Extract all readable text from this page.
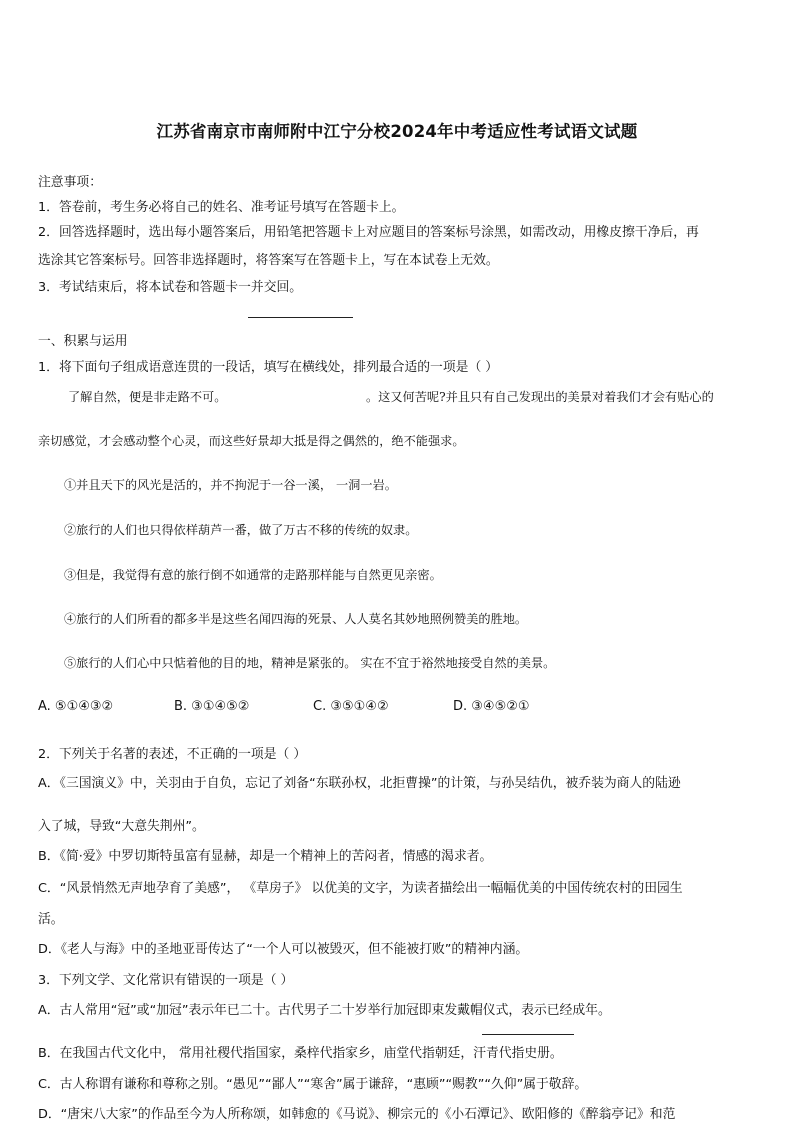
江苏省南京市南师附中江宁分校2024年中考适应性考试语文试题
注意事项：
1．答卷前，考生务必将自己的姓名、准考证号填写在答题卡上。
2．回答选择题时，选出每小题答案后，用铅笔把答题卡上对应题目的答案标号涂黑，如需改动，用橡皮擦干净后，再
选涂其它答案标号。回答非选择题时，将答案写在答题卡上，写在本试卷上无效。
3．考试结束后，将本试卷和答题卡一并交回。
一、积累与运用
1．将下面句子组成语意连贯的一段话，填写在横线处，排列最合适的一项是（ ）
了解自然，便是非走路不可。	。这又何苦呢?并且只有自己发现出的美景对着我们才会有贴心的
亲切感觉，才会感动整个心灵，而这些好景却大抵是得之偶然的，绝不能强求。
①并且天下的风光是活的，并不拘泥于一谷一溪， 一洞一岩。
②旅行的人们也只得依样葫芦一番，做了万古不移的传统的奴隶。
③但是，我觉得有意的旅行倒不如通常的走路那样能与自然更见亲密。
④旅行的人们所看的都多半是这些名闻四海的死景、人人莫名其妙地照例赞美的胜地。
⑤旅行的人们心中只惦着他的目的地，精神是紧张的。 实在不宜于裕然地接受自然的美景。
A. ⑤①④③②	B. ③①④⑤②	C. ③⑤①④②	D. ③④⑤②①
2．下列关于名著的表述，不正确的一项是（ ）
A．《三国演义》中，关羽由于自负，忘记了刘备“东联孙权，北拒曹操”的计策，与孙吴结仇，被乔装为商人的陆逊
入了城，导致“大意失荆州”。
B．《简·爱》中罗切斯特虽富有显赫，却是一个精神上的苦闷者，情感的渴求者。
C．“风景悄然无声地孕育了美感”， 《草房子》 以优美的文字，为读者描绘出一幅幅优美的中国传统农村的田园生
活。
D．《老人与海》中的圣地亚哥传达了“一个人可以被毁灭，但不能被打败”的精神内涵。
3．下列文学、文化常识有错误的一项是（ ）
A．古人常用“冠”或“加冠”表示年已二十。古代男子二十岁举行加冠即束发戴帽仪式，表示已经成年。
B．在我国古代文化中， 常用社稷代指国家，桑梓代指家乡，庙堂代指朝廷，汗青代指史册。
C．古人称谓有谦称和尊称之别。“愚见”“鄙人”“寒舍”属于谦辞，“惠顾”“赐教”“久仰”属于敬辞。
D．“唐宋八大家”的作品至今为人所称颂，如韩愈的《马说》、柳宗元的《小石潭记》、欧阳修的《醉翁亭记》和范
